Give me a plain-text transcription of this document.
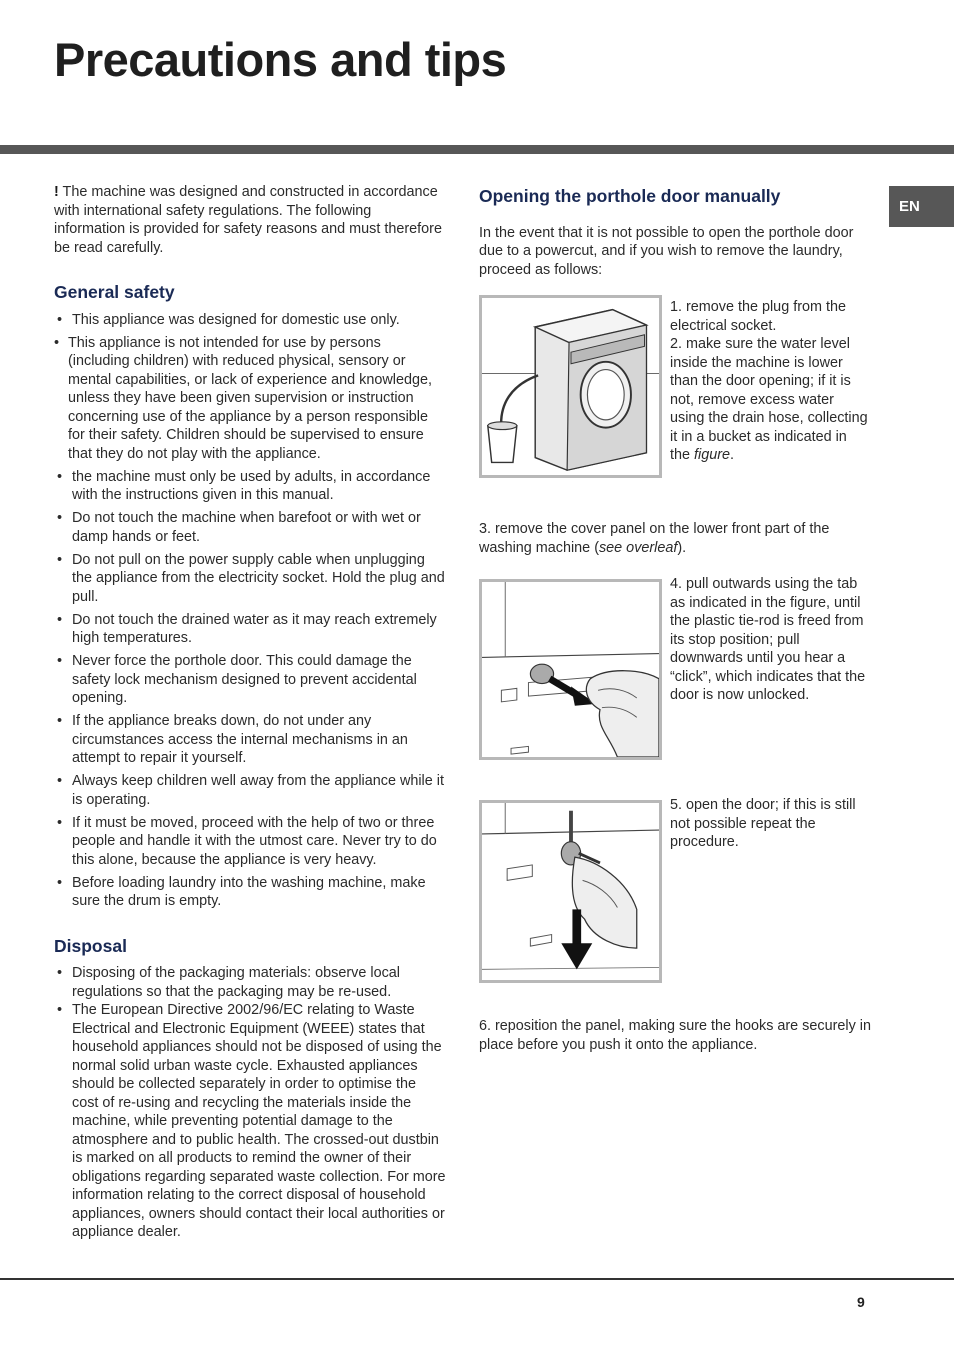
Precautions and tips
EN

! The machine was designed and constructed in accordance with international safety regulations. The following information is provided for safety reasons and must therefore be read carefully.

General safety
• This appliance was designed for domestic use only.
• This appliance is not intended for use by persons (including children) with reduced physical, sensory or mental capabilities, or lack of experience and knowledge, unless they have been given supervision or instruction concerning use of the appliance by a person responsible for their safety. Children should be supervised to ensure that they do not play with the appliance.
• the machine must only be used by adults, in accordance with the instructions given in this manual.
• Do not touch the machine when barefoot or with wet or damp hands or feet.
• Do not pull on the power supply cable when unplugging the appliance from the electricity socket. Hold the plug and pull.
• Do not touch the drained water as it may reach extremely high temperatures.
• Never force the porthole door. This could damage the safety lock mechanism designed to prevent accidental opening.
• If the appliance breaks down, do not under any circumstances access the internal mechanisms in an attempt to repair it yourself.
• Always keep children well away from the appliance while it is operating.
• If it must be moved, proceed with the help of two or three people and handle it with the utmost care. Never try to do this alone, because the appliance is very heavy.
• Before loading laundry into the washing machine, make sure the drum is empty.
Disposal
• Disposing of the packaging materials: observe local regulations so that the packaging may be re-used.
• The European Directive 2002/96/EC relating to Waste Electrical and Electronic Equipment (WEEE) states that household appliances should not be disposed of using the normal solid urban waste cycle. Exhausted appliances should be collected separately in order to optimise the cost of re-using and recycling the materials inside the machine, while preventing potential damage to the atmosphere and to public health. The crossed-out dustbin is marked on all products to remind the owner of their obligations regarding separated waste collection. For more information relating to the correct disposal of household appliances, owners should contact their local authorities or appliance dealer.
Opening the porthole door manually

In the event that it is not possible to open the porthole door due to a powercut, and if you wish to remove the laundry, proceed as follows:

1. remove the plug from the electrical socket.

2. make sure the water level inside the machine is lower than the door opening; if it is not, remove excess water using the drain hose, collecting it in a bucket as indicated in the figure.

3. remove the cover panel on the lower front part of the washing machine (see overleaf).
4. pull outwards using the tab as indicated in the figure, until the plastic tie-rod is freed from its stop position; pull downwards until you hear a “click”, which indicates that the door is now unlocked.
5. open the door; if this is still not possible repeat the procedure.
6. reposition the panel, making sure the hooks are securely in place before you push it onto the appliance.
9
